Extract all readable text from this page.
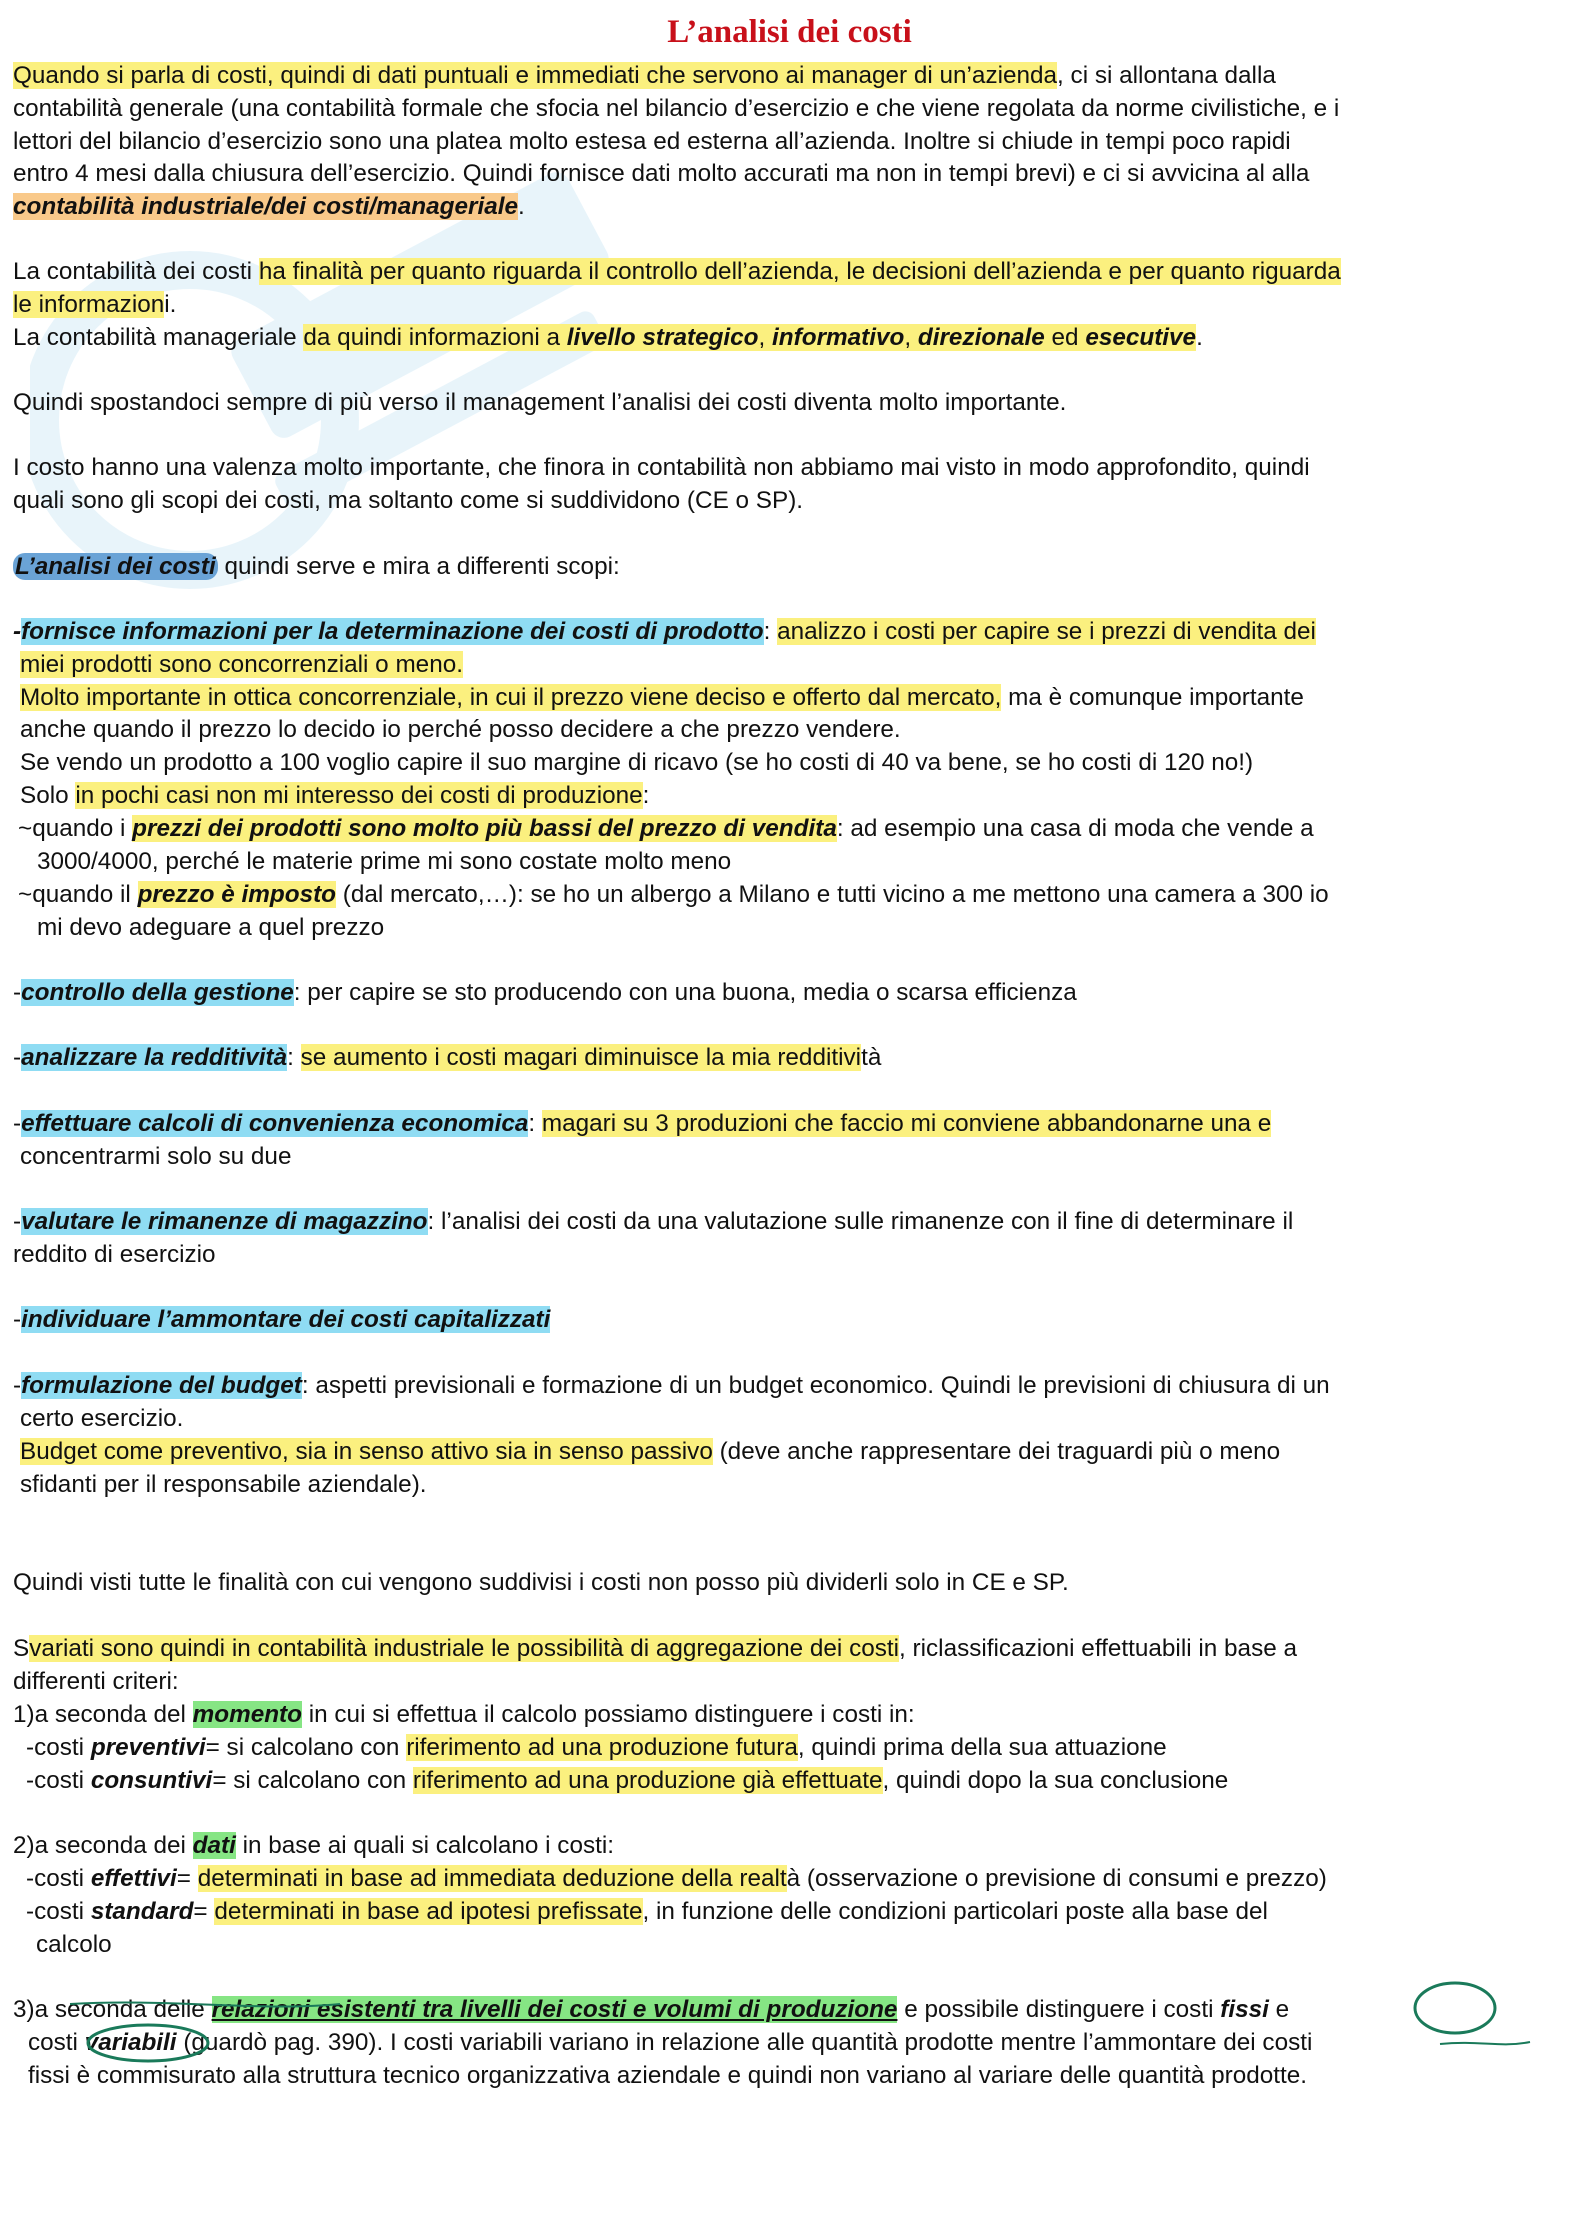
L’analisi dei costi
Quando si parla di costi, quindi di dati puntuali e immediati che servono ai manager di un’azienda, ci si allontana dalla
contabilità generale (una contabilità formale che sfocia nel bilancio d’esercizio e che viene regolata da norme civilistiche, e i
lettori del bilancio d’esercizio sono una platea molto estesa ed esterna all’azienda. Inoltre si chiude in tempi poco rapidi
entro 4 mesi dalla chiusura dell’esercizio. Quindi fornisce dati molto accurati ma non in tempi brevi) e ci si avvicina al alla
contabilità industriale/dei costi/manageriale.
La contabilità dei costi ha finalità per quanto riguarda il controllo dell’azienda, le decisioni dell’azienda e per quanto riguarda
le informazioni.
La contabilità manageriale da quindi informazioni a livello strategico, informativo, direzionale ed esecutive.
Quindi spostandoci sempre di più verso il management l’analisi dei costi diventa molto importante.
I costo hanno una valenza molto importante, che finora in contabilità non abbiamo mai visto in modo approfondito, quindi
quali sono gli scopi dei costi, ma soltanto come si suddividono (CE o SP).
L’analisi dei costi quindi serve e mira a differenti scopi:
-fornisce informazioni per la determinazione dei costi di prodotto: analizzo i costi per capire se i prezzi di vendita dei
miei prodotti sono concorrenziali o meno.
Molto importante in ottica concorrenziale, in cui il prezzo viene deciso e offerto dal mercato, ma è comunque importante
anche quando il prezzo lo decido io perché posso decidere a che prezzo vendere.
Se vendo un prodotto a 100 voglio capire il suo margine di ricavo (se ho costi di 40 va bene, se ho costi di 120 no!)
Solo in pochi casi non mi interesso dei costi di produzione:
~quando i prezzi dei prodotti sono molto più bassi del prezzo di vendita: ad esempio una casa di moda che vende a
3000/4000, perché le materie prime mi sono costate molto meno
~quando il prezzo è imposto (dal mercato,…): se ho un albergo a Milano e tutti vicino a me mettono una camera a 300 io
mi devo adeguare a quel prezzo
-controllo della gestione: per capire se sto producendo con una buona, media o scarsa efficienza
-analizzare la redditività: se aumento i costi magari diminuisce la mia redditività
-effettuare calcoli di convenienza economica: magari su 3 produzioni che faccio mi conviene abbandonarne una e
concentrarmi solo su due
-valutare le rimanenze di magazzino: l’analisi dei costi da una valutazione sulle rimanenze con il fine di determinare il
reddito di esercizio
-individuare l’ammontare dei costi capitalizzati
-formulazione del budget: aspetti previsionali e formazione di un budget economico. Quindi le previsioni di chiusura di un
certo esercizio.
Budget come preventivo, sia in senso attivo sia in senso passivo (deve anche rappresentare dei traguardi più o meno
sfidanti per il responsabile aziendale).
Quindi visti tutte le finalità con cui vengono suddivisi i costi non posso più dividerli solo in CE e SP.
Svariati sono quindi in contabilità industriale le possibilità di aggregazione dei costi, riclassificazioni effettuabili in base a
differenti criteri:
1)a seconda del momento in cui si effettua il calcolo possiamo distinguere i costi in:
-costi preventivi= si calcolano con riferimento ad una produzione futura, quindi prima della sua attuazione
-costi consuntivi= si calcolano con riferimento ad una produzione già effettuate, quindi dopo la sua conclusione
2)a seconda dei dati in base ai quali si calcolano i costi:
-costi effettivi= determinati in base ad immediata deduzione della realtà (osservazione o previsione di consumi e prezzo)
-costi standard= determinati in base ad ipotesi prefissate, in funzione delle condizioni particolari poste alla base del
calcolo
3)a seconda delle relazioni esistenti tra livelli dei costi e volumi di produzione e possibile distinguere i costi fissi e
costi variabili (guardò pag. 390). I costi variabili variano in relazione alle quantità prodotte mentre l’ammontare dei costi
fissi è commisurato alla struttura tecnico organizzativa aziendale e quindi non variano al variare delle quantità prodotte.
